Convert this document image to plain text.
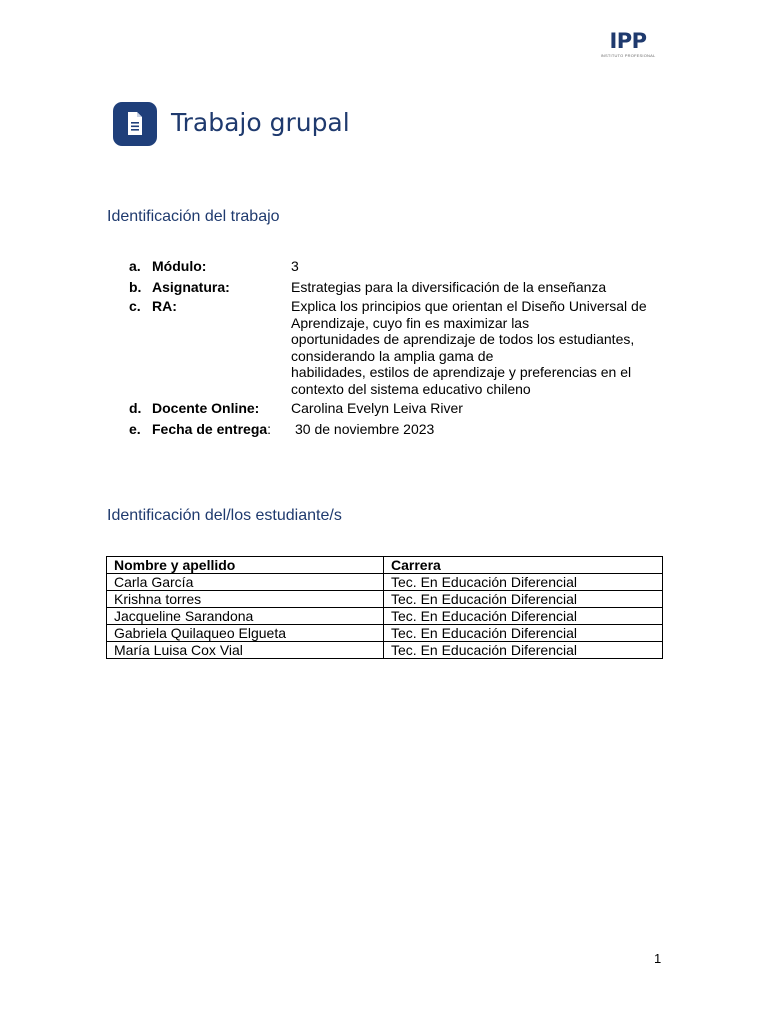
IPP
INSTITUTO PROFESIONAL
Trabajo grupal
Identificación del trabajo
a. Módulo:	3
b. Asignatura:	Estrategias para la diversificación de la enseñanza
c. RA:	Explica los principios que orientan el Diseño Universal de
Aprendizaje, cuyo fin es maximizar las
oportunidades de aprendizaje de todos los estudiantes,
considerando la amplia gama de
habilidades, estilos de aprendizaje y preferencias en el
contexto del sistema educativo chileno
d. Docente Online: Carolina Evelyn Leiva River
e. Fecha de entrega: 30 de noviembre 2023
Identificación del/los estudiante/s
Nombre y apellido	Carrera
Carla García	Tec. En Educación Diferencial
Krishna torres	Tec. En Educación Diferencial
Jacqueline Sarandona	Tec. En Educación Diferencial
Gabriela Quilaqueo Elgueta	Tec. En Educación Diferencial
María Luisa Cox Vial	Tec. En Educación Diferencial
1
